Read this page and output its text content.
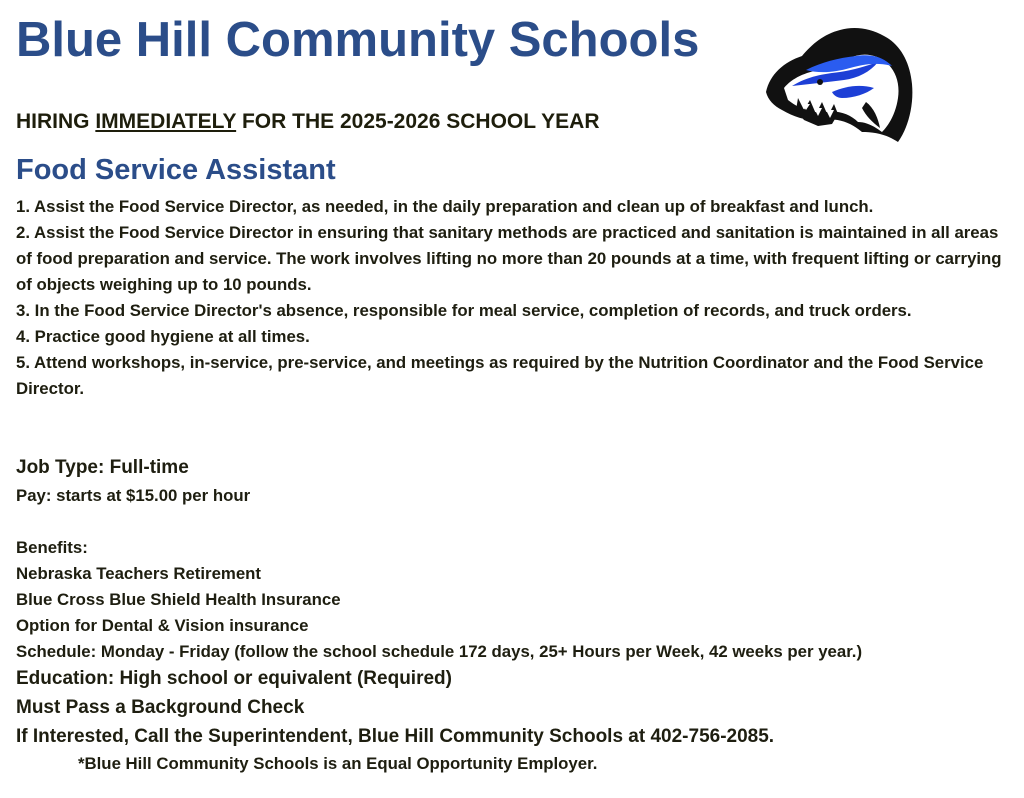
Blue Hill Community Schools
HIRING IMMEDIATELY FOR THE 2025-2026 SCHOOL YEAR
Food Service Assistant

1. Assist the Food Service Director, as needed, in the daily preparation and clean up of breakfast and lunch.

2. Assist the Food Service Director in ensuring that sanitary methods are practiced and sanitation is maintained in all areas of food preparation and service. The work involves lifting no more than 20 pounds at a time, with frequent lifting or carrying of objects weighing up to 10 pounds.

3. In the Food Service Director's absence, responsible for meal service, completion of records, and truck orders.

4. Practice good hygiene at all times.

5. Attend workshops, in-service, pre-service, and meetings as required by the Nutrition Coordinator and the Food Service Director.

Job Type: Full-time
Pay: starts at $15.00 per hour
Benefits:
Nebraska Teachers Retirement
Blue Cross Blue Shield Health Insurance
Option for Dental & Vision insurance
Schedule: Monday - Friday (follow the school schedule 172 days, 25+ Hours per Week, 42 weeks per year.)
Education: High school or equivalent (Required)
Must Pass a Background Check
If Interested, Call the Superintendent, Blue Hill Community Schools at 402-756-2085.
*Blue Hill Community Schools is an Equal Opportunity Employer.
